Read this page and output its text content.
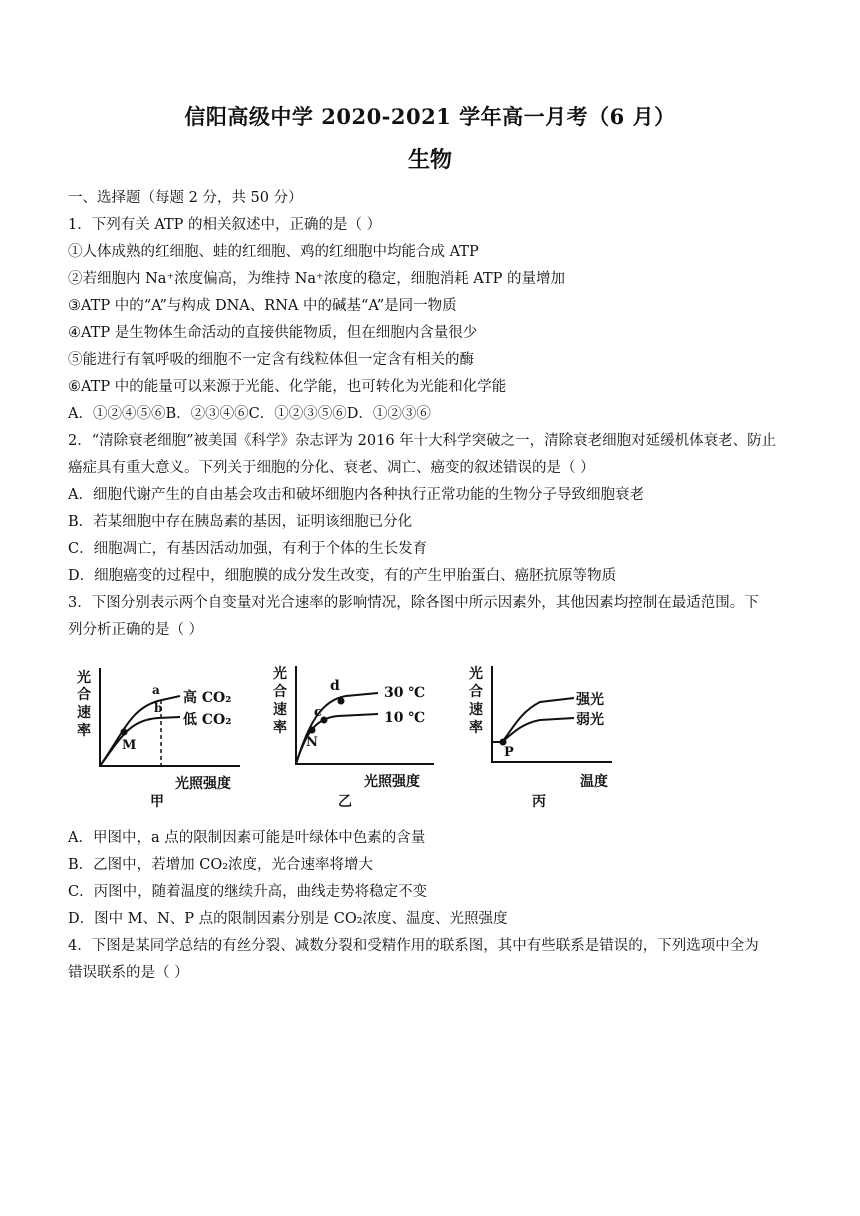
信阳高级中学 2020-2021 学年高一月考（6 月）
生物
一、选择题（每题 2 分，共 50 分）
1．下列有关 ATP 的相关叙述中，正确的是（ ）
①人体成熟的红细胞、蛙的红细胞、鸡的红细胞中均能合成 ATP
②若细胞内 Na⁺浓度偏高，为维持 Na⁺浓度的稳定，细胞消耗 ATP 的量增加
③ATP 中的“A”与构成 DNA、RNA 中的碱基“A”是同一物质
④ATP 是生物体生命活动的直接供能物质，但在细胞内含量很少
⑤能进行有氧呼吸的细胞不一定含有线粒体但一定含有相关的酶
⑥ATP 中的能量可以来源于光能、化学能，也可转化为光能和化学能
A．①②④⑤⑥B．②③④⑥C．①②③⑤⑥D．①②③⑥
2．“清除衰老细胞”被美国《科学》杂志评为 2016 年十大科学突破之一，清除衰老细胞对延缓机体衰老、防止
癌症具有重大意义。下列关于细胞的分化、衰老、凋亡、癌变的叙述错误的是（ ）
A．细胞代谢产生的自由基会攻击和破坏细胞内各种执行正常功能的生物分子导致细胞衰老
B．若某细胞中存在胰岛素的基因，证明该细胞已分化
C．细胞凋亡，有基因活动加强，有利于个体的生长发育
D．细胞癌变的过程中，细胞膜的成分发生改变，有的产生甲胎蛋白、癌胚抗原等物质
3．下图分别表示两个自变量对光合速率的影响情况，除各图中所示因素外，其他因素均控制在最适范围。下
列分析正确的是（ ）
光
合
速
率
M
a
b
高 CO₂
低 CO₂
光照强度
甲
光
合
速
率
d
c
N
30 ℃
10 ℃
光照强度
乙
光
合
速
率
P
强光
弱光
温度
丙
A．甲图中，a 点的限制因素可能是叶绿体中色素的含量
B．乙图中，若增加 CO₂浓度，光合速率将增大
C．丙图中，随着温度的继续升高，曲线走势将稳定不变
D．图中 M、N、P 点的限制因素分别是 CO₂浓度、温度、光照强度
4．下图是某同学总结的有丝分裂、减数分裂和受精作用的联系图，其中有些联系是错误的，下列选项中全为
错误联系的是（ ）
